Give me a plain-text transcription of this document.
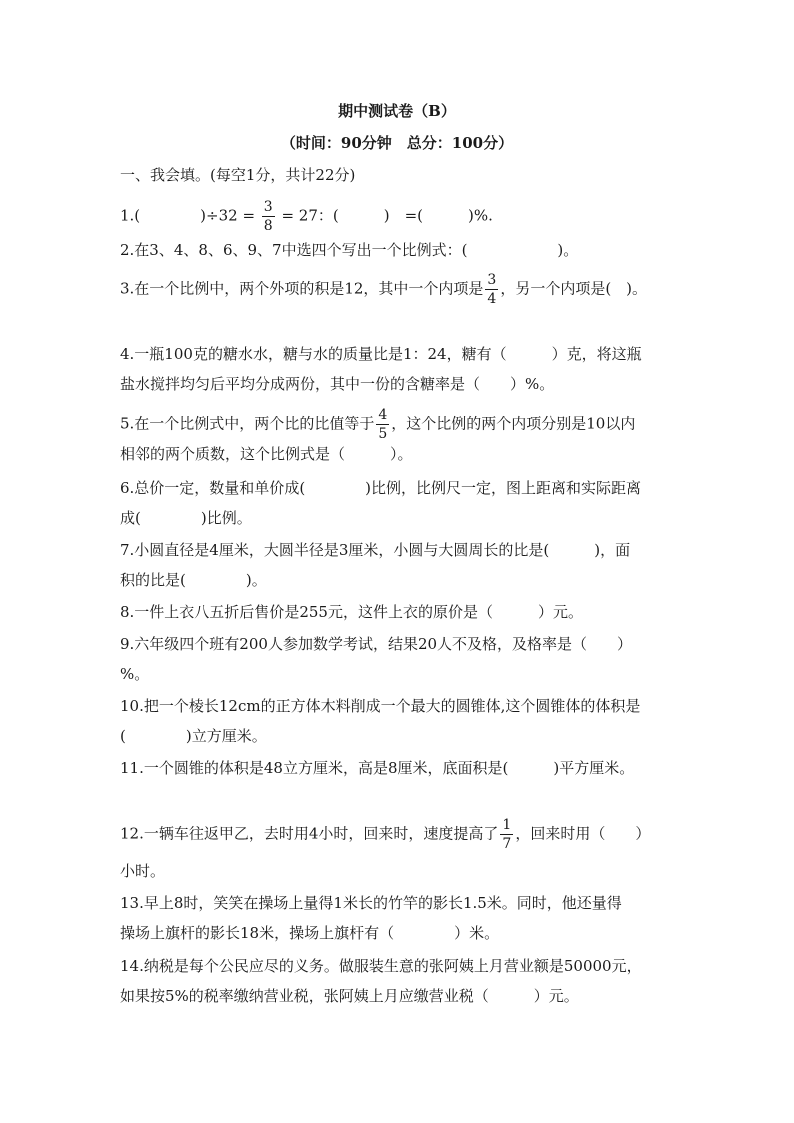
期中测试卷（B）
（时间：90分钟　总分：100分）
一、我会填。(每空1分，共计22分)
1.(　　　　)$\div 32 = \frac{3}{8} = 27$：(　　　)　=(　　　)%.
2.在3、4、8、6、9、7中选四个写出一个比例式：(　　　　　　)。
3.在一个比例中，两个外项的积是12，其中一个内项是 $\frac{3}{4}$ ，另一个内项是(　)。
4.一瓶100克的糖水水，糖与水的质量比是1：24，糖有（　　　）克，将这瓶
盐水搅拌均匀后平均分成两份，其中一份的含糖率是（　　）%。
5.在一个比例式中，两个比的比值等于 $\frac{4}{5}$ ，这个比例的两个内项分别是10以内
相邻的两个质数，这个比例式是（　　　）。
6.总价一定，数量和单价成(　　　　)比例，比例尺一定，图上距离和实际距离
成(　　　　)比例。
7.小圆直径是4厘米，大圆半径是3厘米，小圆与大圆周长的比是(　　　)，面
积的比是(　　　　)。
8.一件上衣八五折后售价是255元，这件上衣的原价是（　　　）元。
9.六年级四个班有200人参加数学考试，结果20人不及格，及格率是（　　）
%。
10.把一个棱长12cm的正方体木料削成一个最大的圆锥体,这个圆锥体的体积是
(　　　　)立方厘米。
11.一个圆锥的体积是48立方厘米，高是8厘米，底面积是(　　　)平方厘米。
12.一辆车往返甲乙，去时用4小时，回来时，速度提高了 $\frac{1}{7}$ ，回来时用（　　）
小时。
13.早上8时，笑笑在操场上量得1米长的竹竿的影长1.5米。同时，他还量得
操场上旗杆的影长18米，操场上旗杆有（　　　　）米。
14.纳税是每个公民应尽的义务。做服装生意的张阿姨上月营业额是50000元，
如果按5%的税率缴纳营业税，张阿姨上月应缴营业税（　　　）元。
